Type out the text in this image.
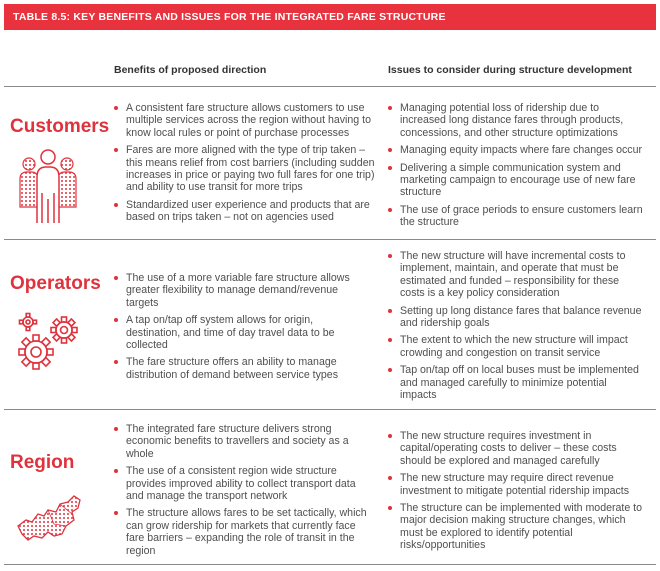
TABLE 8.5: KEY BENEFITS AND ISSUES FOR THE INTEGRATED FARE STRUCTURE
Benefits of proposed direction	Issues to consider during structure development
Customers
A consistent fare structure allows customers to use multiple services across the region without having to know local rules or point of purchase processes
Fares are more aligned with the type of trip taken – this means relief from cost barriers (including sudden increases in price or paying two full fares for one trip) and ability to use transit for more trips
Standardized user experience and products that are based on trips taken – not on agencies used
Managing potential loss of ridership due to increased long distance fares through products, concessions, and other structure optimizations
Managing equity impacts where fare changes occur
Delivering a simple communication system and marketing campaign to encourage use of new fare structure
The use of grace periods to ensure customers learn the structure
Operators	The use of a more variable fare structure allows greater flexibility to manage demand/revenue targets
A tap on/tap off system allows for origin, destination, and time of day travel data to be collected
The fare structure offers an ability to manage distribution of demand between service types
The new structure will have incremental costs to implement, maintain, and operate that must be estimated and funded – responsibility for these costs is a key policy consideration
Setting up long distance fares that balance revenue and ridership goals
The extent to which the new structure will impact crowding and congestion on transit service
Tap on/tap off on local buses must be implemented and managed carefully to minimize potential impacts
Region
The integrated fare structure delivers strong economic benefits to travellers and society as a whole
The use of a consistent region wide structure provides improved ability to collect transport data and manage the transport network
The structure allows fares to be set tactically, which can grow ridership for markets that currently face fare barriers – expanding the role of transit in the region
The new structure requires investment in capital/operating costs to deliver – these costs should be explored and managed carefully
The new structure may require direct revenue investment to mitigate potential ridership impacts
The structure can be implemented with moderate to major decision making structure changes, which must be explored to identify potential risks/opportunities
